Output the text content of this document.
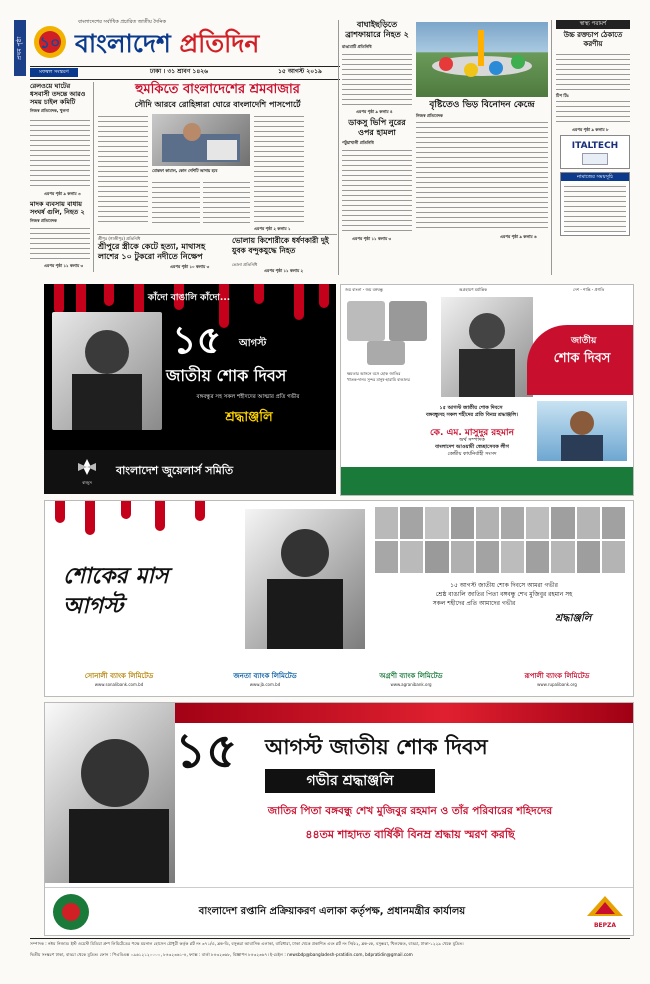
প্রথম পৃষ্ঠা ১০
বাংলাদেশের সর্বাধিক প্রচারিত জাতীয় দৈনিক
বাংলাদেশ প্রতিদিন
মফস্বল সংস্করণ	ঢাকা । ৩১ শ্রাবণ ১৪২৬	১৫ আগস্ট ২০১৯
রেলওয়ে ঘাটের ধসবাসী তদন্তে আরও সময় চাইল কমিটি
নিজস্ব প্রতিবেদক, খুলনা
এরপর পৃষ্ঠা ৯ কলাম ৩
মাদক ব্যবসায় বাধায় সংঘর্ষ গুলি, নিহত ২
নিজস্ব প্রতিবেদক
এরপর পৃষ্ঠা ১১ কলাম ৩
হুমকিতে বাংলাদেশের শ্রমবাজার
সৌদি আরবে রোহিঙ্গারা ঘোরে বাংলাদেশি পাসপোর্টে
মোস্তফা কামাল, কোন দেশিটি আদায় হবে
এরপর পৃষ্ঠা ২ কলাম ১
শ্রীপুর (গাজীপুর) প্রতিনিধি
শ্রীপুরে স্ত্রীকে কেটে হত্যা, মাথাসহ লাশের ১০ টুকরো নদীতে নিক্ষেপ
এরপর পৃষ্ঠা ১০ কলাম ৩
ভোলায় কিশোরীকে ধর্ষণকারী দুই যুবক বন্দুকযুদ্ধে নিহত
ভোলা প্রতিনিধি
এরপর পৃষ্ঠা ১১ কলাম ২
বাঘাইছড়িতে ব্রাশফায়ারে নিহত ২
রাঙামাটি প্রতিনিধি
এরপর পৃষ্ঠা ৯ কলাম ৪
ডাকসু ভিপি নুরের ওপর হামলা
পটুয়াখালী প্রতিনিধি
এরপর পৃষ্ঠা ১১ কলাম ৩
বৃষ্টিতেও ভিড় বিনোদন কেন্দ্রে
নিজস্ব প্রতিবেদক
এরপর পৃষ্ঠা ৯ কলাম ৬
স্বাস্থ্য পরামর্শ
উচ্চ রক্তচাপ ঠেকাতে করণীয়
টিপ টিঃ
এরপর পৃষ্ঠা ৯ কলাম ৮
ITALTECH
নামাজের সময়সূচি
কাঁদো বাঙালি কাঁদো...
১৫ আগস্ট
জাতীয় শোক দিবস
বঙ্গবন্ধুর সহ সকল শহীদদের আত্মার প্রতি গভীর
শ্রদ্ধাঞ্জলি
বাজুস
বাংলাদেশ জুয়েলার্স সমিতি
জয় বাংলা - জয় বঙ্গবন্ধু	অগ্রহায়ণ মর্মান্তিক	দেশ - শান্তি - প্রগতি
১৫ আগস্ট
জাতীয়
শোক দিবস
ক্ষমতার আসনে বসে হোক জাতির
খাতক-দানব সুন্দর মানুষ-হারামি বাঙালর
১৫ আগস্ট জাতীয় শোক দিবসে
বঙ্গবন্ধুসহ সকল শহীদের প্রতি বিনম্র শ্রদ্ধাঞ্জলি।
কে. এম. মাসুদুর রহমান
অর্থ সম্পাদক
বাংলাদেশ আওয়ামী স্বেচ্ছাসেবক লীগ
কেন্দ্রীয় কার্যনির্বাহী সংসদ
শোকের মাস আগস্ট
১৫ আগস্ট জাতীয় শোক দিবসে আমরা গভীর
শ্রেষ্ঠ বাঙালি জাতির পিতা বঙ্গবন্ধু শেখ মুজিবুর রহমান সহ
সকল শহীদের প্রতি আমাদের গভীর
শ্রদ্ধাঞ্জলি
সোনালী ব্যাংক লিমিটেড
www.sonalibank.com.bd
জনতা ব্যাংক লিমিটেড
www.jb.com.bd
অগ্রণী ব্যাংক লিমিটেড
www.agranibank.org
রূপালী ব্যাংক লিমিটেড
www.rupalibank.org
১৫ আগস্ট জাতীয় শোক দিবস
গভীর শ্রদ্ধাঞ্জলি
জাতির পিতা বঙ্গবন্ধু শেখ মুজিবুর রহমান ও তাঁর পরিবারের শহিদদের
৪৪তম শাহাদত বার্ষিকী বিনম্র শ্রদ্ধায় স্মরণ করছি
বাংলাদেশ রপ্তানি প্রক্রিয়াকরণ এলাকা কর্তৃপক্ষ, প্রধানমন্ত্রীর কার্যালয়
BEPZA
সম্পাদক : নঈম নিজাম। ইস্ট ওয়েস্ট মিডিয়া গ্রুপ লিমিটেডের পক্ষে ময়নাল হোসেন চৌধুরী কর্তৃক প্লট নং ৩৭১/এ, ব্লক-ডি, বসুন্ধরা আবাসিক এলাকা, বারিধারা, ঢাকা থেকে প্রকাশিত এবং প্লট নং সি/৫২, ব্লক-কে, বসুন্ধরা, খিলক্ষেত, বাড্ডা, ঢাকা-১২২৯ থেকে মুদ্রিত।
দ্বিতীয় সংস্করণ ঢাকা, বাড্ডা থেকে মুদ্রিত। ফোন : পিএবিএক্স ০৯৬১২১২০০০০, ৮৪৩২৩৬১-৪, ফ্যাক্স : বার্তা ৮৪৩২৩৬৮, বিজ্ঞাপন ৮৪৩২৩৬৭। ই-মেইল : newsbdp@bangladesh-pratidin.com, bdpratidin@gmail.com
